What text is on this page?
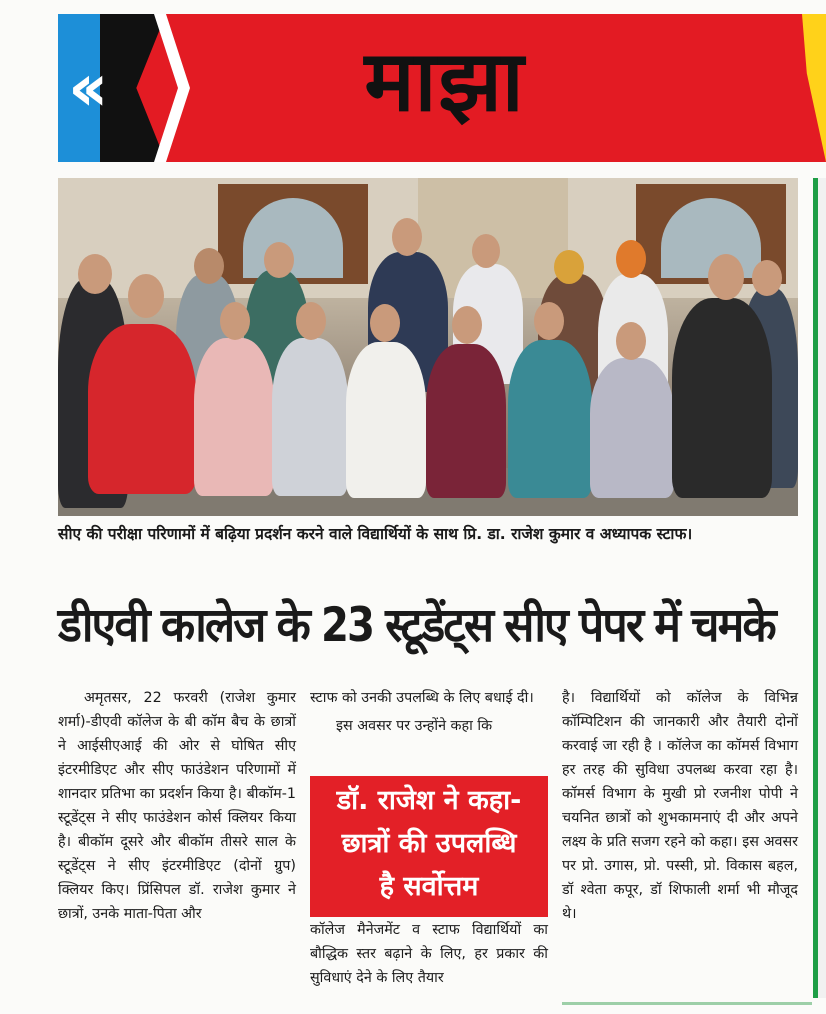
‹‹	माझा
सीए की परीक्षा परिणामों में बढ़िया प्रदर्शन करने वाले विद्यार्थियों के साथ प्रि. डा. राजेश कुमार व अध्यापक स्टाफ।
डीएवी कालेज के 23 स्टूडेंट्स सीए पेपर में चमके

अमृतसर, 22 फरवरी (राजेश कुमार शर्मा)-डीएवी कॉलेज के बी कॉम बैच के छात्रों ने आईसीएआई की ओर से घोषित सीए इंटरमीडिएट और सीए फाउंडेशन परिणामों में शानदार प्रतिभा का प्रदर्शन किया है। बीकॉम-1 स्टूडेंट्स ने सीए फाउंडेशन कोर्स क्लियर किया है। बीकॉम दूसरे और बीकॉम तीसरे साल के स्टूडेंट्स ने सीए इंटरमीडिएट (दोनों ग्रुप) क्लियर किए। प्रिंसिपल डॉ. राजेश कुमार ने छात्रों, उनके माता-पिता और

स्टाफ को उनकी उपलब्धि के लिए बधाई दी।

इस अवसर पर उन्होंने कहा कि

डॉ. राजेश ने कहा-
छात्रों की उपलब्धि
है सर्वोत्तम

कॉलेज मैनेजमेंट व स्टाफ विद्यार्थियों का बौद्धिक स्तर बढ़ाने के लिए, हर प्रकार की सुविधाएं देने के लिए तैयार

है। विद्यार्थियों को कॉलेज के विभिन्न कॉम्पिटिशन की जानकारी और तैयारी दोनों करवाई जा रही है । कॉलेज का कॉमर्स विभाग हर तरह की सुविधा उपलब्ध करवा रहा है। कॉमर्स विभाग के मुखी प्रो रजनीश पोपी ने चयनित छात्रों को शुभकामनाएं दी और अपने लक्ष्य के प्रति सजग रहने को कहा। इस अवसर पर प्रो. उगास, प्रो. पस्सी, प्रो. विकास बहल, डॉ श्वेता कपूर, डॉ शिफाली शर्मा भी मौजूद थे।
